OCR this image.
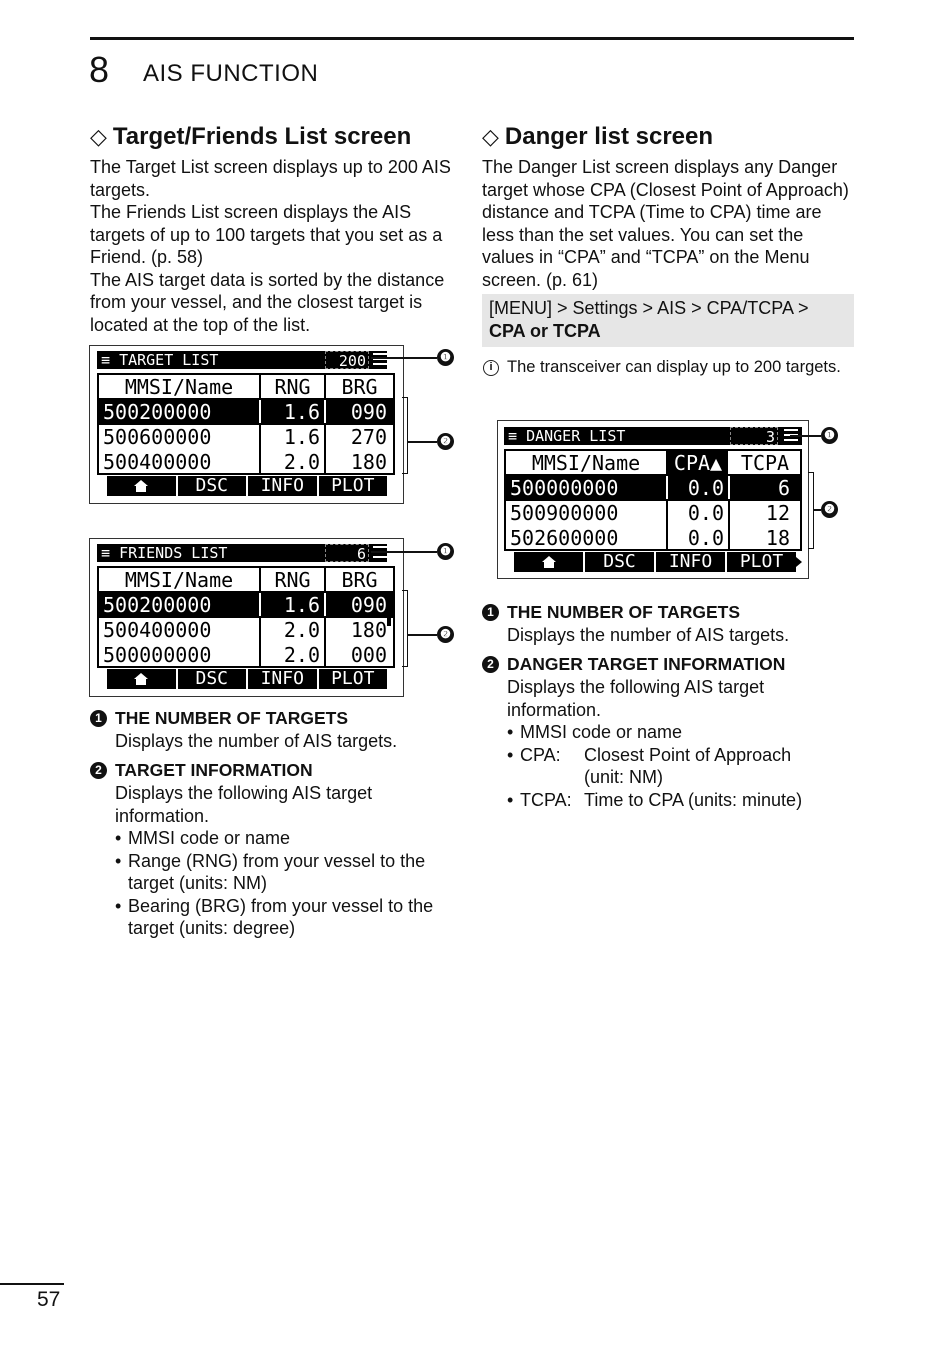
8 AIS FUNCTION
◇ Target/Friends List screen
The Target List screen displays up to 200 AIS targets.
The Friends List screen displays the AIS targets of up to 100 targets that you set as a Friend. (p. 58)
The AIS target data is sorted by the distance from your vessel, and the closest target is located at the top of the list.
≡ TARGET LIST	200
MMSI/Name	RNG	BRG
500200000	1.6	090
500600000	1.6	270
500400000	2.0	180
DSC	INFO	PLOT
❶
❷
≡ FRIENDS LIST	6
MMSI/Name	RNG	BRG
500200000	1.6	090
500400000	2.0	180
500000000	2.0	000
DSC	INFO	PLOT
❶
❷
1 THE NUMBER OF TARGETS
Displays the number of AIS targets.
2 TARGET INFORMATION
Displays the following AIS target information.
• MMSI code or name
• Range (RNG) from your vessel to the target (units: NM)
• Bearing (BRG) from your vessel to the target (units: degree)
◇ Danger list screen
The Danger List screen displays any Danger target whose CPA (Closest Point of Approach) distance and TCPA (Time to CPA) time are less than the set values. You can set the values in “CPA” and “TCPA” on the Menu screen. (p. 61)
[MENU] > Settings > AIS > CPA/TCPA >
CPA or TCPA
i The transceiver can display up to 200 targets.
≡ DANGER LIST	3
MMSI/Name	CPA▲ TCPA
500000000	0.0	6
500900000	0.0	12
502600000	0.0	18
DSC	INFO	PLOT
❶
❷
1 THE NUMBER OF TARGETS
Displays the number of AIS targets.
2 DANGER TARGET INFORMATION
Displays the following AIS target information.
• MMSI code or name
• CPA:	Closest Point of Approach
(unit: NM)
• TCPA: Time to CPA (units: minute)
57
